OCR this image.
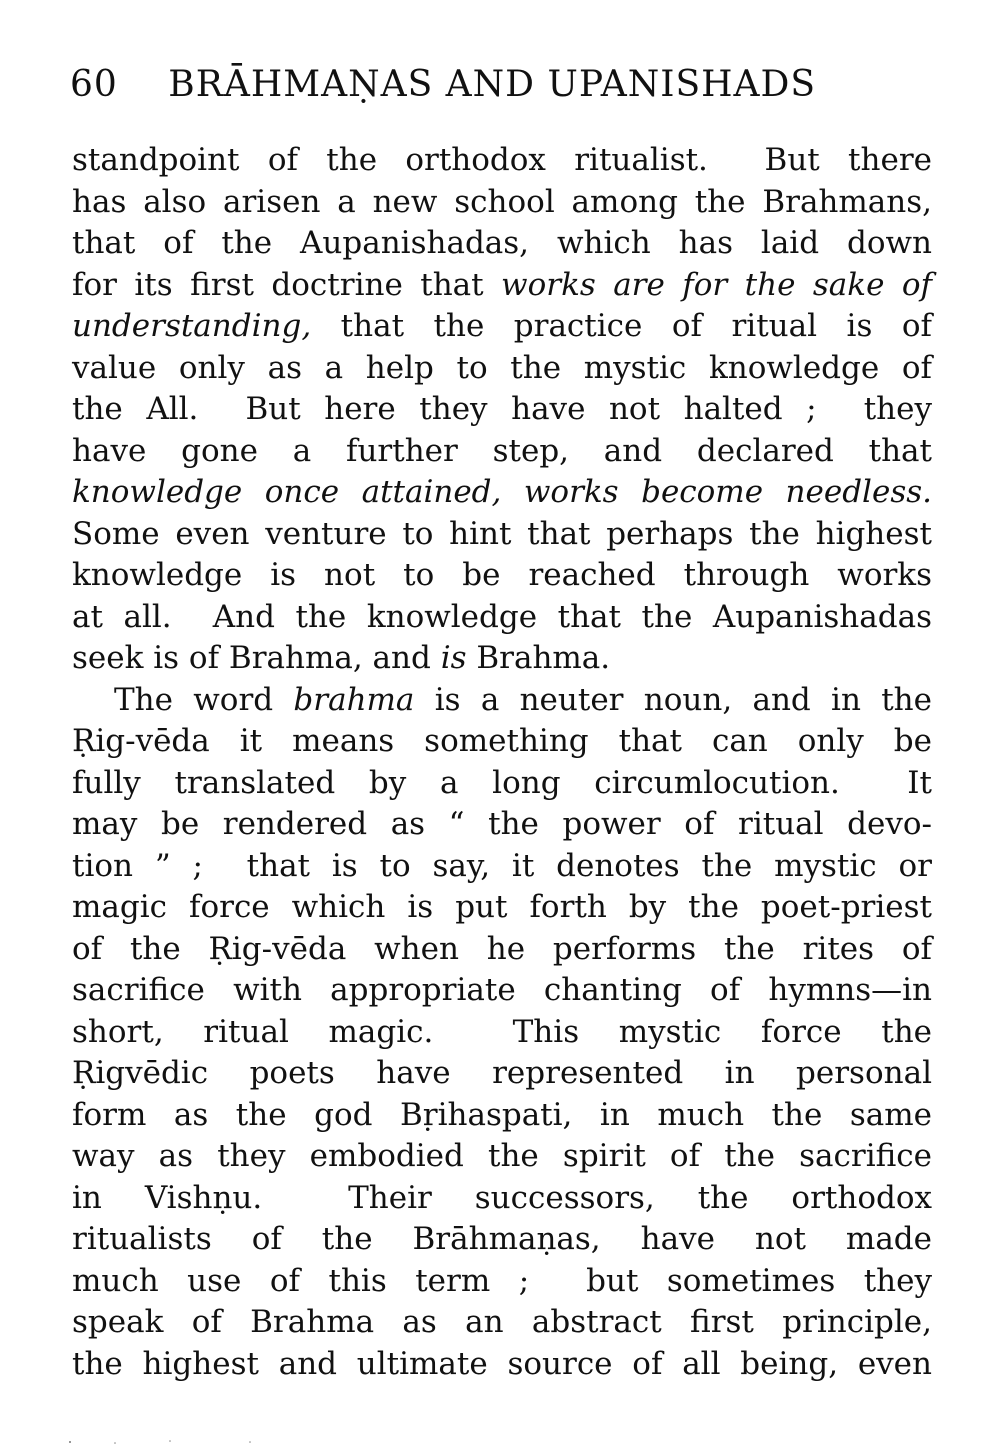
60 BRĀHMAṆAS AND UPANISHADS
standpoint of the orthodox ritualist.  But there
has also arisen a new school among the Brahmans,
that of the Aupanishadas, which has laid down
for its first doctrine that works are for the sake of
understanding, that the practice of ritual is of
value only as a help to the mystic knowledge of
the All.  But here they have not halted ;  they
have gone a further step, and declared that
knowledge once attained, works become needless.
Some even venture to hint that perhaps the highest
knowledge is not to be reached through works
at all.  And the knowledge that the Aupanishadas
seek is of Brahma, and is Brahma.
The word brahma is a neuter noun, and in the
Ṛig-vēda it means something that can only be
fully translated by a long circumlocution.  It
may be rendered as “ the power of ritual devo-
tion ” ;  that is to say, it denotes the mystic or
magic force which is put forth by the poet-priest
of the Ṛig-vēda when he performs the rites of
sacrifice with appropriate chanting of hymns—in
short, ritual magic.  This mystic force the
Ṛigvēdic poets have represented in personal
form as the god Bṛihaspati, in much the same
way as they embodied the spirit of the sacrifice
in Vishṇu.  Their successors, the orthodox
ritualists of the Brāhmaṇas, have not made
much use of this term ;  but sometimes they
speak of Brahma as an abstract first principle,
the highest and ultimate source of all being, even
